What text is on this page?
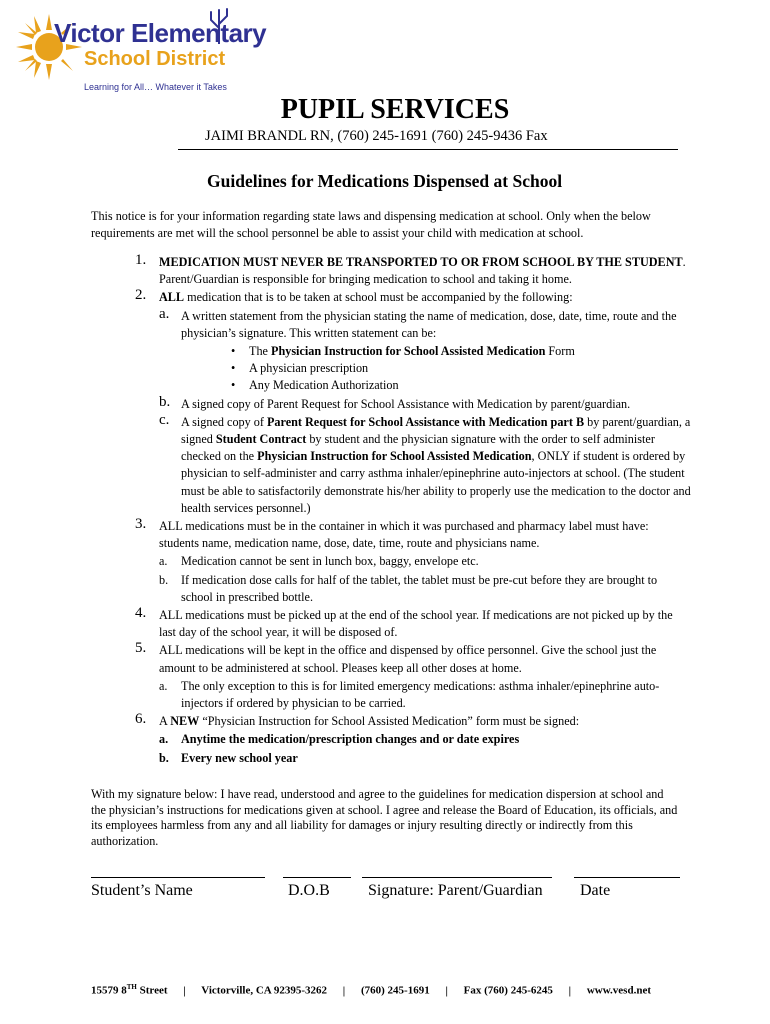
Victor Elementary
School District
Learning for All… Whatever it Takes
PUPIL SERVICES
JAIMI BRANDL RN, (760) 245-1691 (760) 245-9436 Fax
Guidelines for Medications Dispensed at School
This notice is for your information regarding state laws and dispensing medication at school. Only when the below requirements are met will the school personnel be able to assist your child with medication at school.
1. MEDICATION MUST NEVER BE TRANSPORTED TO OR FROM SCHOOL BY THE STUDENT. Parent/Guardian is responsible for bringing medication to school and taking it home.
2. ALL medication that is to be taken at school must be accompanied by the following:
a. A written statement from the physician stating the name of medication, dose, date, time, route and the physician’s signature. This written statement can be:
• The Physician Instruction for School Assisted Medication Form
• A physician prescription
• Any Medication Authorization
b. A signed copy of Parent Request for School Assistance with Medication by parent/guardian.
c. A signed copy of Parent Request for School Assistance with Medication part B by parent/guardian, a signed Student Contract by student and the physician signature with the order to self administer checked on the Physician Instruction for School Assisted Medication, ONLY if student is ordered by physician to self-administer and carry asthma inhaler/epinephrine auto-injectors at school. (The student must be able to satisfactorily demonstrate his/her ability to properly use the medication to the doctor and health services personnel.)
3. ALL medications must be in the container in which it was purchased and pharmacy label must have: students name, medication name, dose, date, time, route and physicians name.
a. Medication cannot be sent in lunch box, baggy, envelope etc.
b. If medication dose calls for half of the tablet, the tablet must be pre-cut before they are brought to school in prescribed bottle.
4. ALL medications must be picked up at the end of the school year. If medications are not picked up by the last day of the school year, it will be disposed of.
5. ALL medications will be kept in the office and dispensed by office personnel. Give the school just the amount to be administered at school. Pleases keep all other doses at home.
a. The only exception to this is for limited emergency medications: asthma inhaler/epinephrine auto-injectors if ordered by physician to be carried.
6. A NEW “Physician Instruction for School Assisted Medication” form must be signed:
a. Anytime the medication/prescription changes and or date expires
b. Every new school year
With my signature below: I have read, understood and agree to the guidelines for medication dispersion at school and the physician’s instructions for medications given at school. I agree and release the Board of Education, its officials, and its employees harmless from any and all liability for damages or injury resulting directly or indirectly from this authorization.
Student’s Name	D.O.B Signature: Parent/Guardian Date
15579 8TH Street | Victorville, CA 92395-3262 | (760) 245-1691 | Fax (760) 245-6245 | www.vesd.net
